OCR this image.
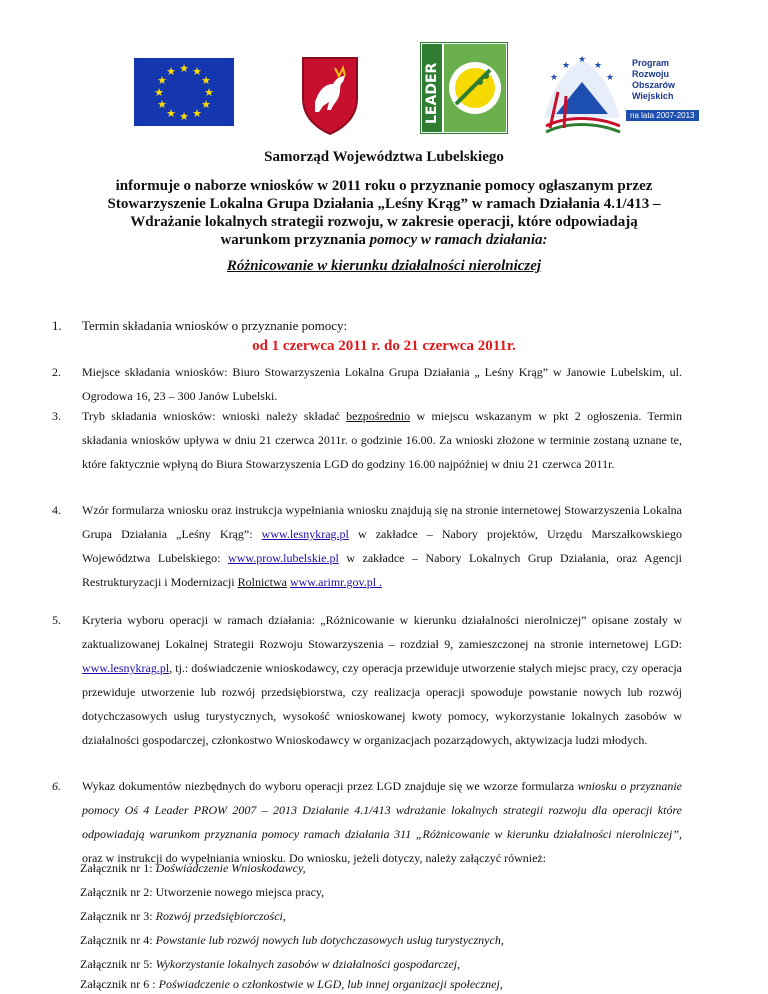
★ ★
★
★
★
★
★
★
★
★
★
★	LEADER
★
★	★
★	★
Program
Rozwoju
Obszarów
Wiejskich
na lata 2007-2013
Samorząd Województwa Lubelskiego
informuje o naborze wniosków w 2011 roku o przyznanie pomocy ogłaszanym przez Stowarzyszenie Lokalna Grupa Działania „Leśny Krąg” w ramach Działania 4.1/413 – Wdrażanie lokalnych strategii rozwoju, w zakresie operacji, które odpowiadają warunkom przyznania pomocy w ramach działania:
Różnicowanie w kierunku działalności nierolniczej
1. Termin składania wniosków o przyznanie pomocy:
od 1 czerwca 2011 r. do 21 czerwca 2011r.
2. Miejsce składania wniosków: Biuro Stowarzyszenia Lokalna Grupa Działania „ Leśny Krąg” w Janowie Lubelskim, ul. Ogrodowa 16, 23 – 300 Janów Lubelski.
3. Tryb składania wniosków: wnioski należy składać bezpośrednio w miejscu wskazanym w pkt 2 ogłoszenia. Termin składania wniosków upływa w dniu 21 czerwca 2011r. o godzinie 16.00. Za wnioski złożone w terminie zostaną uznane te, które faktycznie wpłyną do Biura Stowarzyszenia LGD do godziny 16.00 najpóźniej w dniu 21 czerwca 2011r.
4. Wzór formularza wniosku oraz instrukcja wypełniania wniosku znajdują się na stronie internetowej Stowarzyszenia Lokalna Grupa Działania „Leśny Krąg”: www.lesnykrag.pl w zakładce – Nabory projektów, Urzędu Marszałkowskiego Województwa Lubelskiego: www.prow.lubelskie.pl w zakładce – Nabory Lokalnych Grup Działania, oraz Agencji Restrukturyzacji i Modernizacji Rolnictwa www.arimr.gov.pl .
5. Kryteria wyboru operacji w ramach działania: „Różnicowanie w kierunku działalności nierolniczej” opisane zostały w zaktualizowanej Lokalnej Strategii Rozwoju Stowarzyszenia – rozdział 9, zamieszczonej na stronie internetowej LGD: www.lesnykrag.pl, tj.: doświadczenie wnioskodawcy, czy operacja przewiduje utworzenie stałych miejsc pracy, czy operacja przewiduje utworzenie lub rozwój przedsiębiorstwa, czy realizacja operacji spowoduje powstanie nowych lub rozwój dotychczasowych usług turystycznych, wysokość wnioskowanej kwoty pomocy, wykorzystanie lokalnych zasobów w działalności gospodarczej, członkostwo Wnioskodawcy w organizacjach pozarządowych, aktywizacja ludzi młodych.
6. Wykaz dokumentów niezbędnych do wyboru operacji przez LGD znajduje się we wzorze formularza wniosku o przyznanie pomocy Oś 4 Leader PROW 2007 – 2013 Działanie 4.1/413 wdrażanie lokalnych strategii rozwoju dla operacji które odpowiadają warunkom przyznania pomocy ramach działania 311 „Różnicowanie w kierunku działalności nierolniczej”, oraz w instrukcji do wypełniania wniosku. Do wniosku, jeżeli dotyczy, należy załączyć również:
Załącznik nr 1: Doświadczenie Wnioskodawcy,
Załącznik nr 2: Utworzenie nowego miejsca pracy,
Załącznik nr 3: Rozwój przedsiębiorczości,
Załącznik nr 4: Powstanie lub rozwój nowych lub dotychczasowych usług turystycznych,
Załącznik nr 5: Wykorzystanie lokalnych zasobów w działalności gospodarczej,
Załącznik nr 6 : Poświadczenie o członkostwie w LGD, lub innej organizacji społecznej,
